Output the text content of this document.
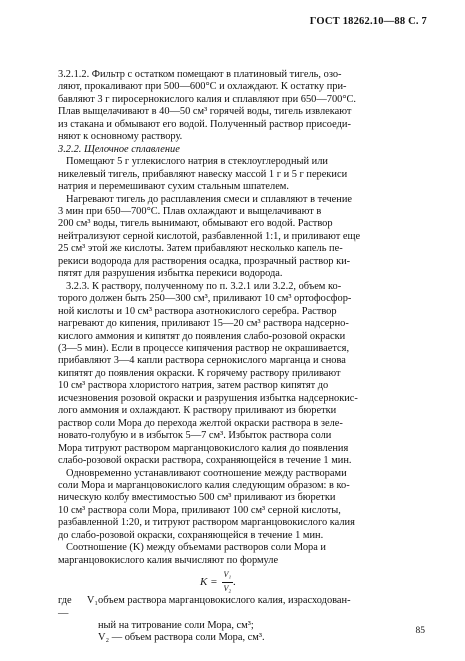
ГОСТ 18262.10—88 С. 7
3.2.1.2. Фильтр с остатком помещают в платиновый тигель, озо-
ляют, прокаливают при 500—600°С и охлаждают. К остатку при-
бавляют 3 г пиросернокислого калия и сплавляют при 650—700°С.
Плав выщелачивают в 40—50 см³ горячей воды, тигель извлекают
из стакана и обмывают его водой. Полученный раствор присоеди-
няют к основному раствору.
3.2.2. Щелочное сплавление
Помещают 5 г углекислого натрия в стеклоуглеродный или
никелевый тигель, прибавляют навеску массой 1 г и 5 г перекиси
натрия и перемешивают сухим стальным шпателем.
Нагревают тигель до расплавления смеси и сплавляют в течение
3 мин при 650—700°С. Плав охлаждают и выщелачивают в
200 см³ воды, тигель вынимают, обмывают его водой. Раствор
нейтрализуют серной кислотой, разбавленной 1:1, и приливают еще
25 см³ этой же кислоты. Затем прибавляют несколько капель пе-
рекиси водорода для растворения осадка, прозрачный раствор ки-
пятят для разрушения избытка перекиси водорода.
3.2.3. К раствору, полученному по п. 3.2.1 или 3.2.2, объем ко-
торого должен быть 250—300 см³, приливают 10 см³ ортофосфор-
ной кислоты и 10 см³ раствора азотнокислого серебра. Раствор
нагревают до кипения, приливают 15—20 см³ раствора надсерно-
кислого аммония и кипятят до появления слабо-розовой окраски
(3—5 мин). Если в процессе кипячения раствор не окрашивается,
прибавляют 3—4 капли раствора сернокислого марганца и снова
кипятят до появления окраски. К горячему раствору приливают
10 см³ раствора хлористого натрия, затем раствор кипятят до
исчезновения розовой окраски и разрушения избытка надсернокис-
лого аммония и охлаждают. К раствору приливают из бюретки
раствор соли Мора до перехода желтой окраски раствора в зеле-
новато-голубую и в избыток 5—7 см³. Избыток раствора соли
Мора титруют раствором марганцовокислого калия до появления
слабо-розовой окраски раствора, сохраняющейся в течение 1 мин.
Одновременно устанавливают соотношение между растворами
соли Мора и марганцовокислого калия следующим образом: в ко-
ническую колбу вместимостью 500 см³ приливают из бюретки
10 см³ раствора соли Мора, приливают 100 см³ серной кислоты,
разбавленной 1:20, и титруют раствором марганцовокислого калия
до слабо-розовой окраски, сохраняющейся в течение 1 мин.
Соотношение (K) между объемами растворов соли Мора и
марганцовокислого калия вычисляют по формуле
$K = \frac{\text{V₁}}{\text{V₂}}$ .
где V₁ —
объем раствора марганцовокислого калия, израсходован-
ный на титрование соли Мора, см³;
V₂ — объем раствора соли Мора, см³.
85
